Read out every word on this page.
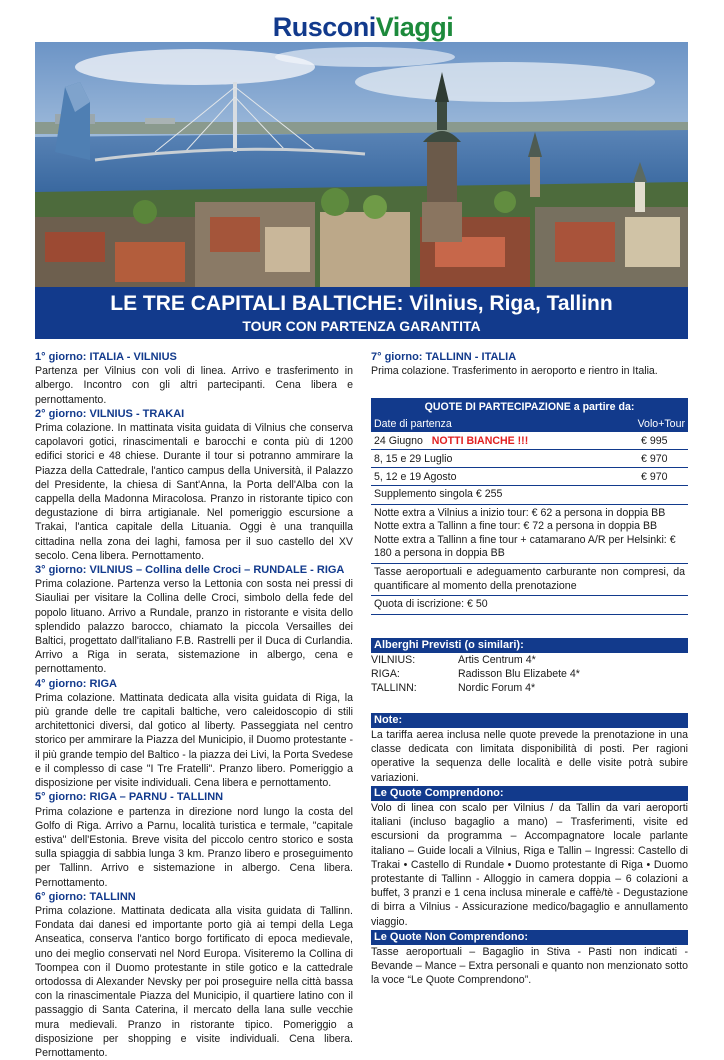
RusconiViaggi
LE TRE CAPITALI BALTICHE: Vilnius, Riga, Tallinn
TOUR CON PARTENZA GARANTITA
1° giorno: ITALIA - VILNIUS
Partenza per Vilnius con voli di linea. Arrivo e trasferimento in albergo. Incontro con gli altri partecipanti. Cena libera e pernottamento.
2° giorno: VILNIUS - TRAKAI
Prima colazione. In mattinata visita guidata di Vilnius che conserva capolavori gotici, rinascimentali e barocchi e conta più di 1200 edifici storici e 48 chiese. Durante il tour si potranno ammirare la Piazza della Cattedrale, l'antico campus della Università, il Palazzo del Presidente, la chiesa di Sant'Anna, la Porta dell'Alba con la cappella della Madonna Miracolosa. Pranzo in ristorante tipico con degustazione di birra artigianale. Nel pomeriggio escursione a Trakai, l'antica capitale della Lituania. Oggi è una tranquilla cittadina nella zona dei laghi, famosa per il suo castello del XV secolo. Cena libera. Pernottamento.
3° giorno: VILNIUS – Collina delle Croci – RUNDALE - RIGA
Prima colazione. Partenza verso la Lettonia con sosta nei pressi di Siauliai per visitare la Collina delle Croci, simbolo della fede del popolo lituano. Arrivo a Rundale, pranzo in ristorante e visita dello splendido palazzo barocco, chiamato la piccola Versailles dei Baltici, progettato dall'italiano F.B. Rastrelli per il Duca di Curlandia. Arrivo a Riga in serata, sistemazione in albergo, cena e pernottamento.
4° giorno: RIGA
Prima colazione. Mattinata dedicata alla visita guidata di Riga, la più grande delle tre capitali baltiche, vero caleidoscopio di stili architettonici diversi, dal gotico al liberty. Passeggiata nel centro storico per ammirare la Piazza del Municipio, il Duomo protestante - il più grande tempio del Baltico - la piazza dei Livi, la Porta Svedese e il complesso di case "I Tre Fratelli". Pranzo libero. Pomeriggio a disposizione per visite individuali. Cena libera e pernottamento.
5° giorno: RIGA – PARNU - TALLINN
Prima colazione e partenza in direzione nord lungo la costa del Golfo di Riga. Arrivo a Parnu, località turistica e termale, "capitale estiva" dell'Estonia. Breve visita del piccolo centro storico e sosta sulla spiaggia di sabbia lunga 3 km. Pranzo libero e proseguimento per Tallinn. Arrivo e sistemazione in albergo. Cena libera. Pernottamento.
6° giorno: TALLINN
Prima colazione. Mattinata dedicata alla visita guidata di Tallinn. Fondata dai danesi ed importante porto già ai tempi della Lega Anseatica, conserva l'antico borgo fortificato di epoca medievale, uno dei meglio conservati nel Nord Europa. Visiteremo la Collina di Toompea con il Duomo protestante in stile gotico e la cattedrale ortodossa di Alexander Nevsky per poi proseguire nella città bassa con la rinascimentale Piazza del Municipio, il quartiere latino con il passaggio di Santa Caterina, il mercato della lana sulle vecchie mura medievali. Pranzo in ristorante tipico. Pomeriggio a disposizione per shopping e visite individuali. Cena libera. Pernottamento.
7° giorno: TALLINN - ITALIA
Prima colazione. Trasferimento in aeroporto e rientro in Italia.
QUOTE DI PARTECIPAZIONE a partire da:
Date di partenza	Volo+Tour
24 Giugno NOTTI BIANCHE !!!	€ 995
8, 15 e 29 Luglio	€ 970
5, 12 e 19 Agosto	€ 970
Supplemento singola € 255
Notte extra a Vilnius a inizio tour: € 62 a persona in doppia BB
Notte extra a Tallinn a fine tour: € 72 a persona in doppia BB
Notte extra a Tallinn a fine tour + catamarano A/R per Helsinki: € 180 a persona in doppia BB
Tasse aeroportuali e adeguamento carburante non compresi, da quantificare al momento della prenotazione
Quota di iscrizione: € 50
Alberghi Previsti (o similari):
VILNIUS:	Artis Centrum 4*
RIGA:	Radisson Blu Elizabete 4*
TALLINN:	Nordic Forum 4*
Note:
La tariffa aerea inclusa nelle quote prevede la prenotazione in una classe dedicata con limitata disponibilità di posti. Per ragioni operative la sequenza delle località e delle visite potrà subire variazioni.
Le Quote Comprendono:
Volo di linea con scalo per Vilnius / da Tallin da vari aeroporti italiani (incluso bagaglio a mano) – Trasferimenti, visite ed escursioni da programma – Accompagnatore locale parlante italiano – Guide locali a Vilnius, Riga e Tallin – Ingressi: Castello di Trakai • Castello di Rundale • Duomo protestante di Riga • Duomo protestante di Tallinn - Alloggio in camera doppia – 6 colazioni a buffet, 3 pranzi e 1 cena inclusa minerale e caffè/tè - Degustazione di birra a Vilnius - Assicurazione medico/bagaglio e annullamento viaggio.
Le Quote Non Comprendono:
Tasse aeroportuali – Bagaglio in Stiva - Pasti non indicati - Bevande – Mance – Extra personali e quanto non menzionato sotto la voce “Le Quote Comprendono”.
